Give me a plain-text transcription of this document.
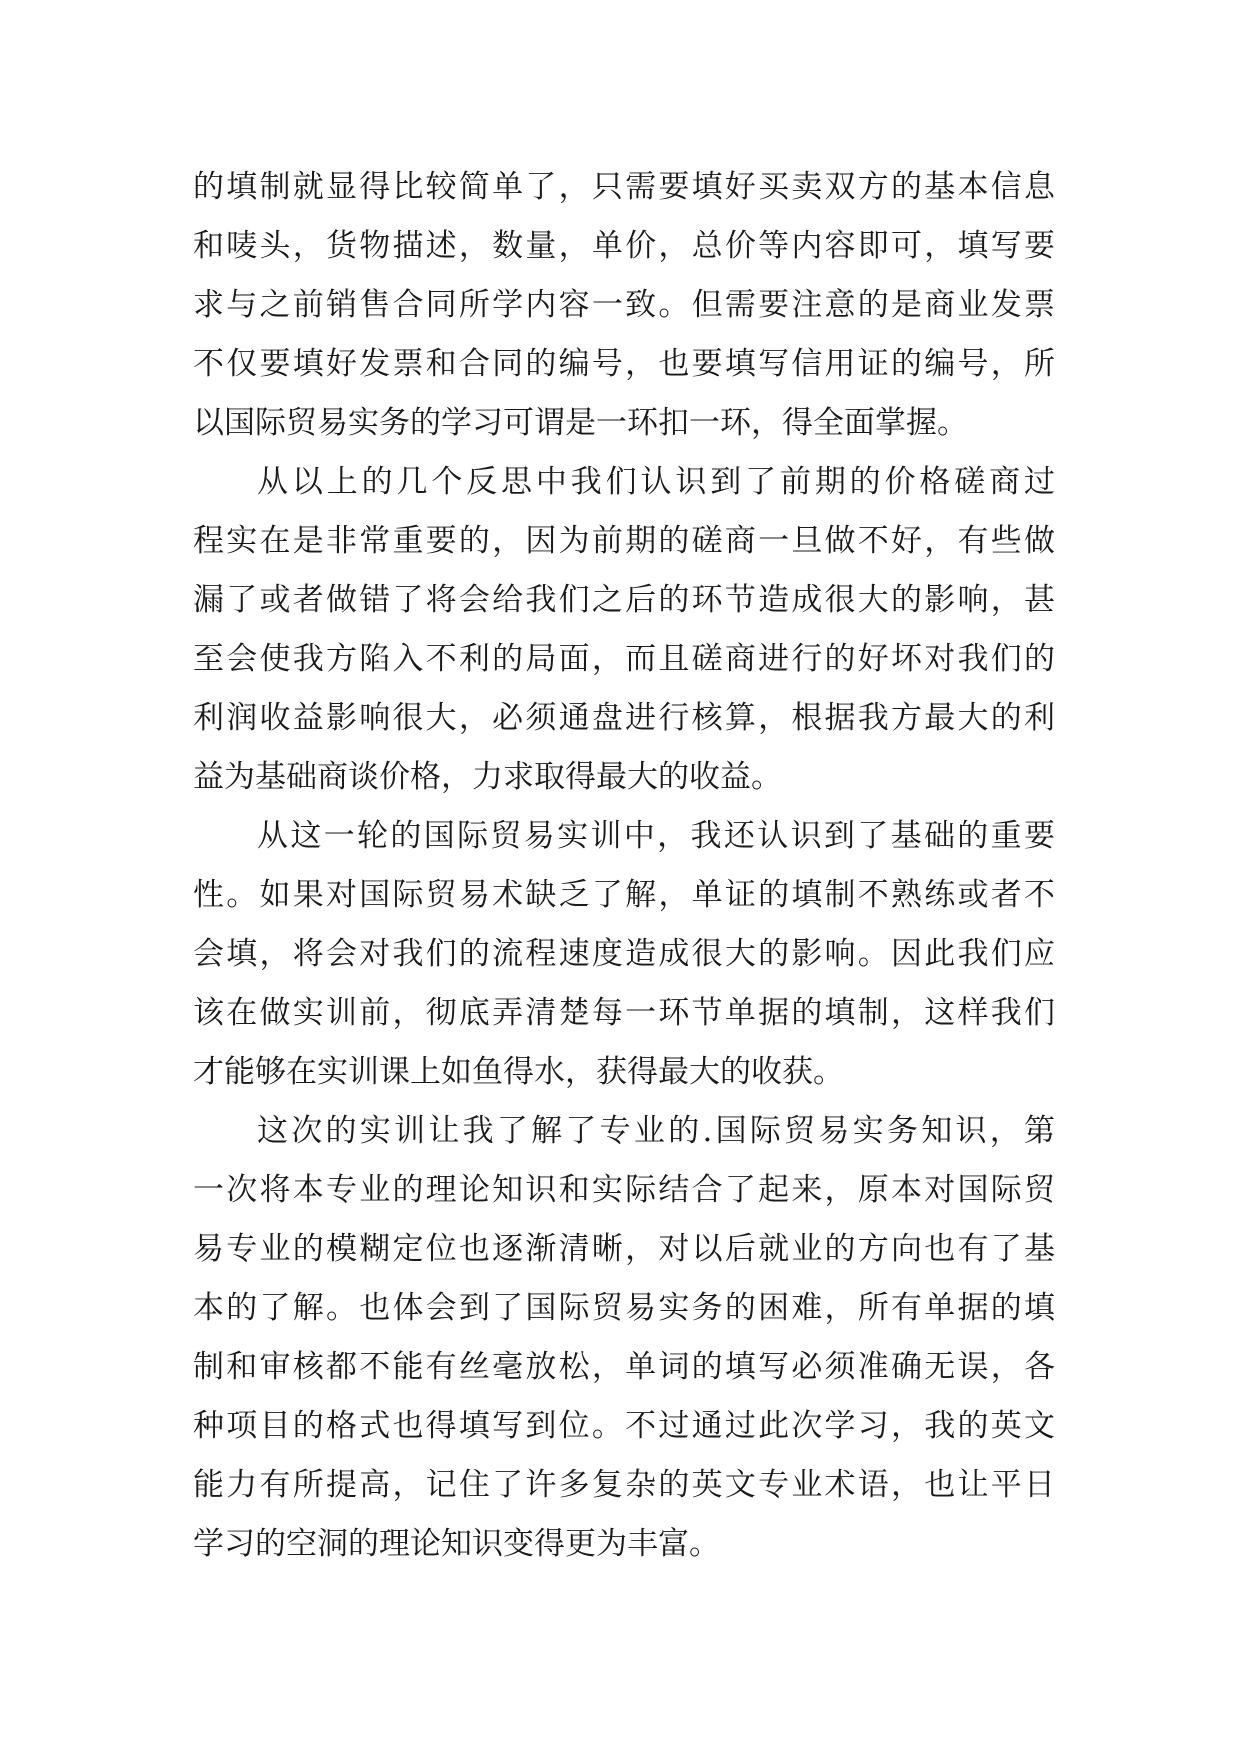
的填制就显得比较简单了，只需要填好买卖双方的基本信息
和唛头，货物描述，数量，单价，总价等内容即可，填写要
求与之前销售合同所学内容一致。但需要注意的是商业发票
不仅要填好发票和合同的编号，也要填写信用证的编号，所
以国际贸易实务的学习可谓是一环扣一环，得全面掌握。
从以上的几个反思中我们认识到了前期的价格磋商过
程实在是非常重要的，因为前期的磋商一旦做不好，有些做
漏了或者做错了将会给我们之后的环节造成很大的影响，甚
至会使我方陷入不利的局面，而且磋商进行的好坏对我们的
利润收益影响很大，必须通盘进行核算，根据我方最大的利
益为基础商谈价格，力求取得最大的收益。
从这一轮的国际贸易实训中，我还认识到了基础的重要
性。如果对国际贸易术缺乏了解，单证的填制不熟练或者不
会填，将会对我们的流程速度造成很大的影响。因此我们应
该在做实训前，彻底弄清楚每一环节单据的填制，这样我们
才能够在实训课上如鱼得水，获得最大的收获。
这次的实训让我了解了专业的.国际贸易实务知识，第
一次将本专业的理论知识和实际结合了起来，原本对国际贸
易专业的模糊定位也逐渐清晰，对以后就业的方向也有了基
本的了解。也体会到了国际贸易实务的困难，所有单据的填
制和审核都不能有丝毫放松，单词的填写必须准确无误，各
种项目的格式也得填写到位。不过通过此次学习，我的英文
能力有所提高，记住了许多复杂的英文专业术语，也让平日
学习的空洞的理论知识变得更为丰富。
